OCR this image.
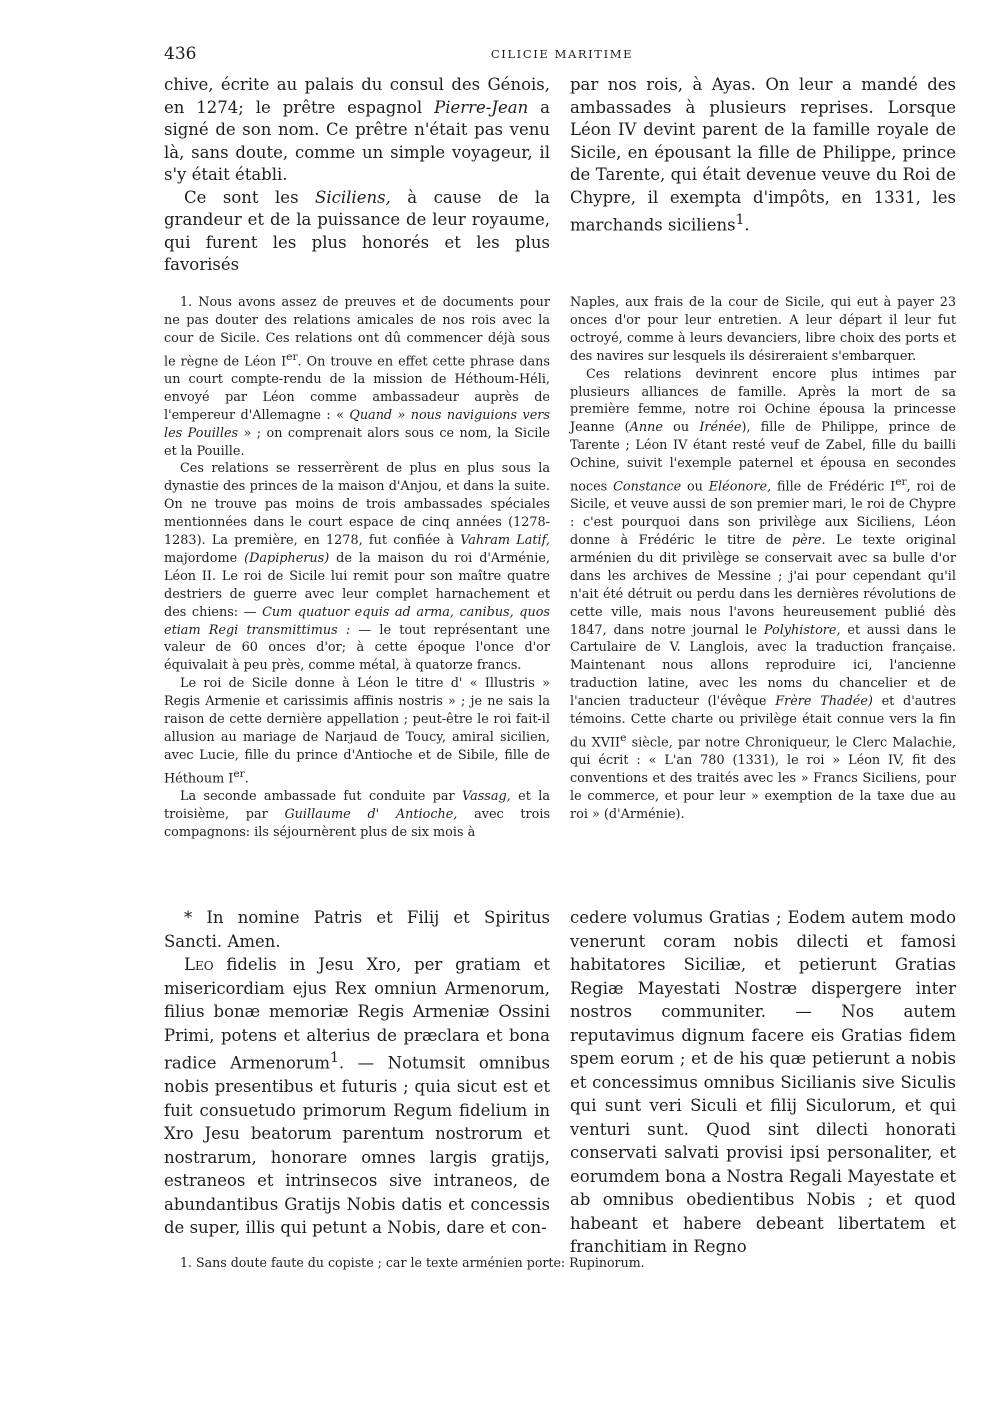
436	CILICIE MARITIME

chive, écrite au palais du consul des Génois, en 1274; le prêtre espagnol Pierre-Jean a signé de son nom. Ce prêtre n'était pas venu là, sans doute, comme un simple voyageur, il s'y était établi.

Ce sont les Siciliens, à cause de la grandeur et de la puissance de leur royaume, qui furent les plus honorés et les plus favorisés

par nos rois, à Ayas. On leur a mandé des ambassades à plusieurs reprises. Lorsque Léon IV devint parent de la famille royale de Sicile, en épousant la fille de Philippe, prince de Tarente, qui était devenue veuve du Roi de Chypre, il exempta d'impôts, en 1331, les marchands siciliens$^1$.

1. Nous avons assez de preuves et de documents pour ne pas douter des relations amicales de nos rois avec la cour de Sicile. Ces relations ont dû commencer déjà sous le règne de Léon Ier. On trouve en effet cette phrase dans un court compte-rendu de la mission de Héthoum-Héli, envoyé par Léon comme ambassadeur auprès de l'empereur d'Allemagne : « Quand » nous naviguions vers les Pouilles » ; on comprenait alors sous ce nom, la Sicile et la Pouille.

Ces relations se resserrèrent de plus en plus sous la dynastie des princes de la maison d'Anjou, et dans la suite. On ne trouve pas moins de trois ambassades spéciales mentionnées dans le court espace de cinq années (1278-1283). La première, en 1278, fut confiée à Vahram Latif, majordome (Dapipherus) de la maison du roi d'Arménie, Léon II. Le roi de Sicile lui remit pour son maître quatre destriers de guerre avec leur complet harnachement et des chiens: — Cum quatuor equis ad arma, canibus, quos etiam Regi transmittimus : — le tout représentant une valeur de 60 onces d'or; à cette époque l'once d'or équivalait à peu près, comme métal, à quatorze francs.

Le roi de Sicile donne à Léon le titre d' « Illustris » Regis Armenie et carissimis affinis nostris » ; je ne sais la raison de cette dernière appellation ; peut-être le roi fait-il allusion au mariage de Narjaud de Toucy, amiral sicilien, avec Lucie, fille du prince d'Antioche et de Sibile, fille de Héthoum Ier.

La seconde ambassade fut conduite par Vassag, et la troisième, par Guillaume d' Antioche, avec trois compagnons: ils séjournèrent plus de six mois à

Naples, aux frais de la cour de Sicile, qui eut à payer 23 onces d'or pour leur entretien. A leur départ il leur fut octroyé, comme à leurs devanciers, libre choix des ports et des navires sur lesquels ils désireraient s'embarquer.

Ces relations devinrent encore plus intimes par plusieurs alliances de famille. Après la mort de sa première femme, notre roi Ochine épousa la princesse Jeanne (Anne ou Irénée), fille de Philippe, prince de Tarente ; Léon IV étant resté veuf de Zabel, fille du bailli Ochine, suivit l'exemple paternel et épousa en secondes noces Constance ou Eléonore, fille de Frédéric Ier, roi de Sicile, et veuve aussi de son premier mari, le roi de Chypre : c'est pourquoi dans son privilège aux Siciliens, Léon donne à Frédéric le titre de père. Le texte original arménien du dit privilège se conservait avec sa bulle d'or dans les archives de Messine ; j'ai pour cependant qu'il n'ait été détruit ou perdu dans les dernières révolutions de cette ville, mais nous l'avons heureusement publié dès 1847, dans notre journal le Polyhistore, et aussi dans le Cartulaire de V. Langlois, avec la traduction française. Maintenant nous allons reproduire ici, l'ancienne traduction latine, avec les noms du chancelier et de l'ancien traducteur (l'évêque Frère Thadée) et d'autres témoins. Cette charte ou privilège était connue vers la fin du XVIIe siècle, par notre Chroniqueur, le Clerc Malachie, qui écrit : « L'an 780 (1331), le roi » Léon IV, fit des conventions et des traités avec les » Francs Siciliens, pour le commerce, et pour leur » exemption de la taxe due au roi » (d'Arménie).

* In nomine Patris et Filij et Spiritus Sancti. Amen.

Leo fidelis in Jesu Xro, per gratiam et misericordiam ejus Rex omniun Armenorum, filius bonæ memoriæ Regis Armeniæ Ossini Primi, potens et alterius de præclara et bona radice Armenorum$^1$. — Notumsit omnibus nobis presentibus et futuris ; quia sicut est et fuit consuetudo primorum Regum fidelium in Xro Jesu beatorum parentum nostrorum et nostrarum, honorare omnes largis gratijs, estraneos et intrinsecos sive intraneos, de abundantibus Gratijs Nobis datis et concessis de super, illis qui petunt a Nobis, dare et con-

cedere volumus Gratias ; Eodem autem modo venerunt coram nobis dilecti et famosi habitatores Siciliæ, et petierunt Gratias Regiæ Mayestati Nostræ dispergere inter nostros communiter. — Nos autem reputavimus dignum facere eis Gratias fidem spem eorum ; et de his quæ petierunt a nobis et concessimus omnibus Sicilianis sive Siculis qui sunt veri Siculi et filij Siculorum, et qui venturi sunt. Quod sint dilecti honorati conservati salvati provisi ipsi personaliter, et eorumdem bona a Nostra Regali Mayestate et ab omnibus obedientibus Nobis ; et quod habeant et habere debeant libertatem et franchitiam in Regno

1. Sans doute faute du copiste ; car le texte arménien porte: Rupinorum.
